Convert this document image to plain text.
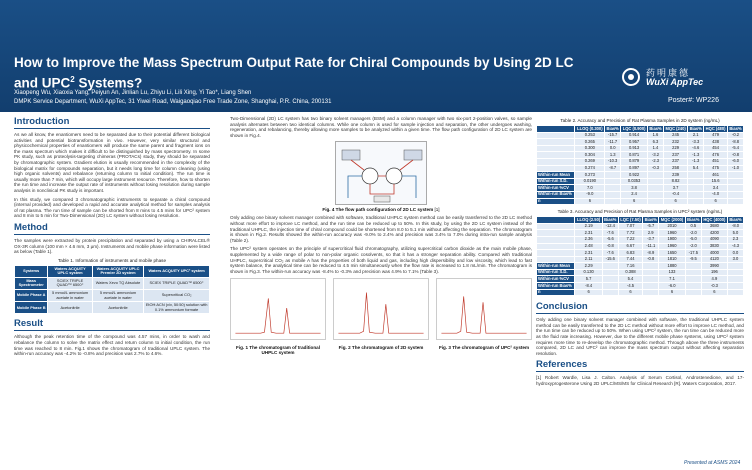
How to Improve the Mass Spectrum Output Rate for Chiral Compounds by Using 2D LC and UPC$^2$ Systems?
Xiaopeng Wu, Xiaoxia Yang, Peiyun An, Jinlian Lu, Zhiyu Li, Lili Xing, Yi Tao*, Liang Shen
DMPK Service Department, WuXi AppTec, 31 Yiwei Road, Waigaoqiao Free Trade Zone, Shanghai, P.R. China, 200131
药明康德
WuXi AppTec
Poster#: WP226
Introduction
As we all know, the enantiomers need to be separated due to their potential different biological activities and potential biotransformation in vivo. However, very similar structural and physicochemical properties of enantiomers will produce the same parent and fragment ions on the mass spectrum which makes it difficult to be distinguished by mass spectrometry. In some PK study, such as proteolysis-targeting chimeras (PROTACs) study, they should be separated by chromatographic system. Gradient elution is usually recommended in the complexity of the biological matrix for compounds separation, but it needs long time for column cleaning (using high organic solvents) and rebalance (returning column to initial condition). The run time is usually more than 7 min, which will occupy large instrument resource. Therefore, how to shorten the run time and increase the output rate of instruments without losing resolution during sample analysis in nonclinical PK study is important.
In this study, we compared 3 chromatographic instruments to separate a chiral compound (internal provided) and developed a rapid and accurate analytical method for samples analysis of rat plasma. The run time of sample can be shorted from 8 mins to 4.5 mins for UPC² system and 8 min to 5 min for Two-Dimensional (2D) LC system without losing resolution.
Method
The samples were extracted by protein precipitation and separated by using a CHIRALCEL® OX-3R column (100 mm × 4.6 mm, 3 μm). Instruments and mobile phase information were listed as below (Table 1).
Table 1. Information of instruments and mobile phase
Systems	Waters ACQUITY UPLC system	Waters ACQUITY UPLC Premier 2D system	Waters ACQUITY UPC² system
Mass Spectrometer	SCIEX TRIPLE QUAD™ 6500⁺	Waters Xevo TQ Absolute	SCIEX TRIPLE QUAD™ 6500⁺
Mobile Phase A	5 mmol/L ammonium acetate in water	5 mmol/L ammonium acetate in water	Supercritical CO₂
Mobile Phase B	Acetonitrile	Acetonitrile	EtOH:ACN (v/v, 50:50) solution with 0.1% ammonium formate
Result
Although the peak retention time of the compound was 4.57 mins, in order to wash and rebalance the column to solve the matrix effect and return column to initial condition, the run time was reached to 8 min. Fig.1 shows the chromatogram of traditional UPLC system. The within-run accuracy was -4.2% to -0.8% and precision was 2.7% to 4.6%.
Two-Dimensional (2D) LC system has two binary solvent managers (BSM) and a column manager with two six-port 2-position valves, so sample analysis alternates between two identical columns. While one column is used for sample injection and separation, the other undergoes washing, regeneration, and rebalancing, thereby allowing more samples to be analyzed within a given time. The flow path configuration of 2D LC system are shown in Fig.4.
Fig. 4 The flow path configuration of 2D LC system [1]
Only adding one binary solvent manager combined with software, traditional UHPLC system method can be easily transferred to the 2D LC method without more effort to improve LC method, and the run time can be reduced up to 50%. In this study, by using the 2D LC system instead of the traditional UHPLC, the injection time of chiral compound could be shortened from 8.0 to 5.1 min without affecting the separation. The chromatogram is shown in Fig.2. Results showed the within-run accuracy was -9.0% to 2.4% and precision was 3.4% to 7.0% during intra-run sample analysis (Table 2).
The UPC² system operates on the principle of supercritical fluid chromatography, utilizing supercritical carbon dioxide as the main mobile phase, supplemented by a wide range of polar to non-polar organic cosolvents, so that it has a stronger separation ability. Compared with traditional UHPLC, supercritical CO₂ as mobile A has the properties of both liquid and gas, including high dispersibility and low viscosity, which lead to fast system balance, the analytical time can be reduced to 4.5 min simultaneously when the flow rate is increased to 1.8 mL/min. The chromatogram is shown in Fig.3. The within-run accuracy was -8.4% to -0.3% and precision was 4.9% to 7.1% (Table 3).
Fig. 1 The chromatogram of traditional UHPLC system
Fig. 2 The chromatogram of 2D system	Fig. 3 The chromatogram of UPC² system
Table 2. Accuracy and Precision of Rat Plasma Samples in 2D system (ng/mL)
	LLOQ (0.300)	Bias%	LQC (0.900)	Bias%	MQC (240)	Bias%	HQC (480)	Bias%
	0.253	-15.7	0.914	1.6	245	2.1	479	-0.2
	0.265	-11.7	0.957	6.3	232	-3.3	438	-8.8
	0.300	0.0	0.913	1.4	229	-4.6	454	-5.4
	0.304	1.3	0.871	-3.2	237	-1.3	476	-0.8
	0.269	-10.3	0.879	-2.3	237	-1.3	451	-6.0
	0.274	-8.7	0.897	-0.3	258	5.4	475	-1.0
Within-run Mean	0.273		0.922		239		461	
Within-run S.D.	0.0190		0.0353		8.82		15.6	
Within-run %CV	7.0		3.8		3.7		3.4	
Within-run Bias%	-9.0		2.4		-0.4		-4.0	
n	6		6		6		6	
Table 3. Accuracy and Precision of Rat Plasma Samples in UPC² system (ng/mL)
	LLOQ (2.50)	Bias%	LQC (7.50)	Bias%	MQC (2000)	Bias%	HQC (4000)	Bias%
	2.19	-12.4	7.07	-5.7	2010	0.5	3680	-8.0
	2.31	-7.6	7.72	2.9	1960	-2.0	4200	5.0
	2.36	-5.6	7.22	-3.7	1900	-5.0	4090	2.3
	2.48	-0.8	6.67	-11.1	1960	-2.0	3830	-4.3
	2.31	-7.6	6.83	-8.9	1650	-17.5	4000	0.0
	2.11	-15.6	7.44	-0.8	1810	-9.5	4120	3.0
Within-run Mean	2.29		7.16		1880		3990	
Within-run S.D.	0.130		0.388		133		196	
Within-run %CV	5.7		5.4		7.1		4.9	
Within-run Bias%	-8.4		-4.5		-6.0		-0.3	
n	6		6		6		6	
Conclusion
Only adding one binary solvent manager combined with software, the traditional UHPLC system method can be easily transferred to the 2D LC method without more effort to improve LC method, and the run time can be reduced up to 50%. When using UPC² system, the run time can be reduced more as the fluid rate increasing. However, due to the different mobile phase systems, using UPC² system requires more time to re-develop the chromatographic method. Through above the three instruments compared, 2D LC and UPC² can improve the mass spectrum output without affecting separation resolution.
References
[1] Robert Wardle, Lisa J. Calton. Analysis of Serum Cortisol, Androstenedione, and 17-hydroxyprogesterone Using 2D UPLC/MS/MS for Clinical Research [R]. Waters Corporation, 2017.
Presented at ASMS 2024
